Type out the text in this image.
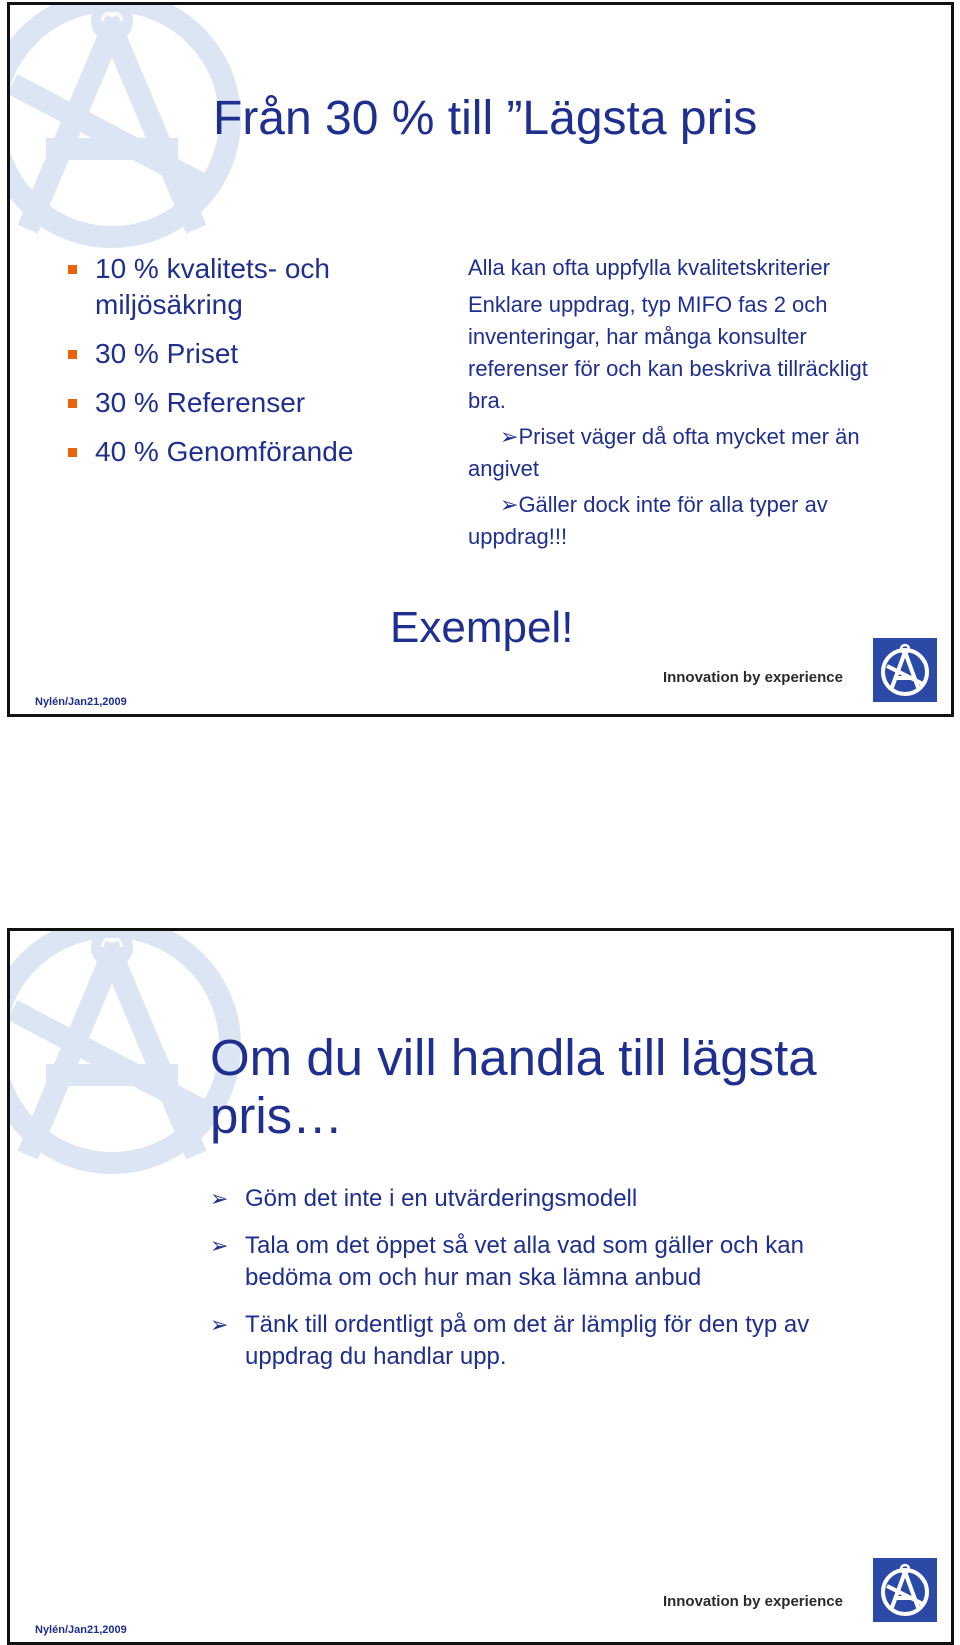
Från 30 % till ”Lägsta pris
10 % kvalitets- och miljösäkring
30 % Priset
30 % Referenser
40 % Genomförande

Alla kan ofta uppfylla kvalitetskriterier

Enklare uppdrag, typ MIFO fas 2 och inventeringar, har många konsulter referenser för och kan beskriva tillräckligt bra.

➢Priset väger då ofta mycket mer än angivet

➢Gäller dock inte för alla typer av uppdrag!!!

Exempel!
Nylén/Jan21,2009
Innovation by experience
Om du vill handla till lägsta pris…
➢ Göm det inte i en utvärderingsmodell
➢ Tala om det öppet så vet alla vad som gäller och kan bedöma om och hur man ska lämna anbud
➢ Tänk till ordentligt på om det är lämplig för den typ av uppdrag du handlar upp.
Nylén/Jan21,2009
Innovation by experience
